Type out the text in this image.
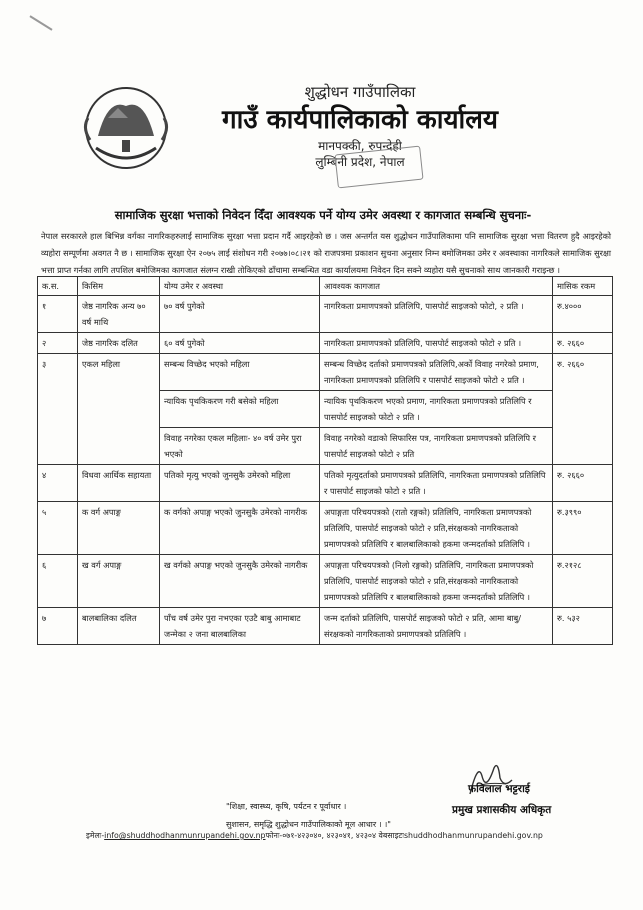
शुद्धोधन गाउँपालिका
गाउँ कार्यपालिकाको कार्यालय
मानपक्की, रुपन्देही
लुम्बिनी प्रदेश, नेपाल
सामाजिक सुरक्षा भत्ताको निवेदन दिँदा आवश्यक पर्ने योग्य उमेर अवस्था र कागजात सम्बन्धि सुचनाः-
नेपाल सरकारले हाल बिभिन्न वर्गका नागरिकहरुलाई सामाजिक सुरक्षा भत्ता प्रदान गर्दै आइरहेको छ । जस अन्तर्गत यस शुद्धोधन गाउँपालिकामा पनि सामाजिक सुरक्षा भत्ता वितरण हुदै आइरहेको व्यहोरा सम्पूर्णमा अवगत नै छ । सामाजिक सुरक्षा ऐन २०७५ लाई संशोधन गरी २०७७।०८।२१ को राजपत्रमा प्रकाशन सुचना अनुसार निम्न बमोजिमका उमेर र अवस्थाका नागरिकले सामाजिक सुरक्षा भत्ता प्राप्त गर्नका लागि तपशिल बमोजिमका कागजात संलग्न राखी तोकिएको ढाँचामा सम्बन्धित वडा कार्यालयमा निवेदन दिन सक्ने व्यहोरा यसै सुचनाको साथ जानकारी गराइन्छ ।
क.स.	किसिम	योग्य उमेर र अवस्था	आवश्यक कागजात	मासिक रकम
१	जेष्ठ नागरिक अन्य ७० वर्ष माथि	७० वर्ष पुगेको	नागरिकता प्रमाणपत्रको प्रतिलिपि, पासपोर्ट साइजको फोटो, २ प्रति ।	रु.४०००
२	जेष्ठ नागरिक दलित	६० वर्ष पुगेको	नागरिकता प्रमाणपत्रको प्रतिलिपि, पासपोर्ट साइजको फोटो २ प्रति ।	रु. २६६०
३	एकल महिला	सम्बन्ध विच्छेद भएको महिला	सम्बन्ध विच्छेद दर्ताको प्रमाणपत्रको प्रतिलिपि,अर्को विवाह नगरेको प्रमाण, नागरिकता प्रमाणपत्रको प्रतिलिपि र पासपोर्ट साइजको फोटो २ प्रति ।	रु. २६६०
		न्यायिक पृथकिकरण गरी बसेको महिला	न्यायिक पृथकिकरण भएको प्रमाण, नागरिकता प्रमाणपत्रको प्रतिलिपि र पासपोर्ट साइजको फोटो २ प्रति ।	
		विवाह नगरेका एकल महिलाः- ४० वर्ष उमेर पुरा भएको	विवाह नगरेको वडाको सिफारिस पत्र, नागरिकता प्रमाणपत्रको प्रतिलिपि र पासपोर्ट साइजको फोटो २ प्रति	
४	विधवा आर्थिक सहायता	पतिको मृत्यु भएको जुनसुकै उमेरको महिला	पतिको मृत्युदर्ताको प्रमाणपत्रको प्रतिलिपि, नागरिकता प्रमाणपत्रको प्रतिलिपि र पासपोर्ट साइजको फोटो २ प्रति ।	रु. २६६०
५	क वर्ग अपाङ्ग	क वर्गको अपाङ्ग भएको जुनसुकै उमेरको नागरीक	अपाङ्गता परिचयपत्रको (रातो रङ्गको) प्रतिलिपि, नागरिकता प्रमाणपत्रको प्रतिलिपि, पासपोर्ट साइजको फोटो २ प्रति,संरक्षकको नागरिकताको प्रमाणपत्रको प्रतिलिपि र बालबालिकाको हकमा जन्मदर्ताको प्रतिलिपि ।	रु.३९९०
६	ख वर्ग अपाङ्ग	ख वर्गको अपाङ्ग भएको जुनसुकै उमेरको नागरीक	अपाङ्गता परिचयपत्रको (निलो रङ्गको) प्रतिलिपि, नागरिकता प्रमाणपत्रको प्रतिलिपि, पासपोर्ट साइजको फोटो २ प्रति,संरक्षकको नागरिकताको प्रमाणपत्रको प्रतिलिपि र बालबालिकाको हकमा जन्मदर्ताको प्रतिलिपि ।	रु.२१२८
७	बालबालिका दलित	पाँच वर्ष उमेर पुरा नभएका एउटै बाबु आमाबाट जन्मेका २ जना बालबालिका	जन्म दर्ताको प्रतिलिपि, पासपोर्ट साइजको फोटो २ प्रति, आमा बाबु/संरक्षकको नागरिकताको प्रमाणपत्रको प्रतिलिपि ।	रु. ५३२
फविलाल भट्टराई
प्रमुख प्रशासकीय अधिकृत
"शिक्षा, स्वास्थ्य, कृषि, पर्यटन र पूर्वाधार ।
सुशासन, समृद्धि शुद्धोधन गाउँपालिकाको मूल आधार । ।"
इमेलः-info@shuddhodhanmunrupandehi.gov.npफोनः-०७१-४२३०४०, ४२३०४१, ४२३०४ वेबसाइटःshuddhodhanmunrupandehi.gov.np
